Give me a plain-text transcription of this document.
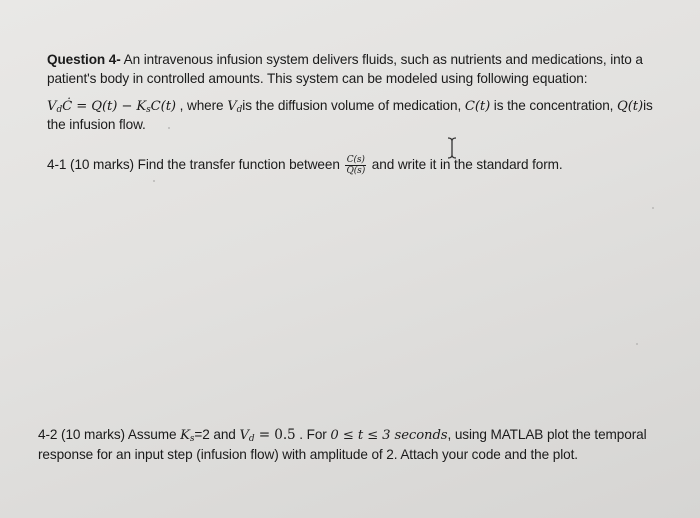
Question 4- An intravenous infusion system delivers fluids, such as nutrients and medications, into a
patient's body in controlled amounts. This system can be modeled using following equation:
$V_dĊ = Q(t) - K_sC(t)$ , where $V_dis$ the diffusion volume of medication, C(t) is the concentration, Q(t)is
the infusion flow.
4-1 (10 marks) Find the transfer function between $\frac{C(s)}{Q(s)}$ and write it in the standard form.
4-2 (10 marks) Assume $K_s=2$ and $V_d = 0.5$ . For 0 ≤ t ≤ 3 seconds, using MATLAB plot the temporal
response for an input step (infusion flow) with amplitude of 2. Attach your code and the plot.
